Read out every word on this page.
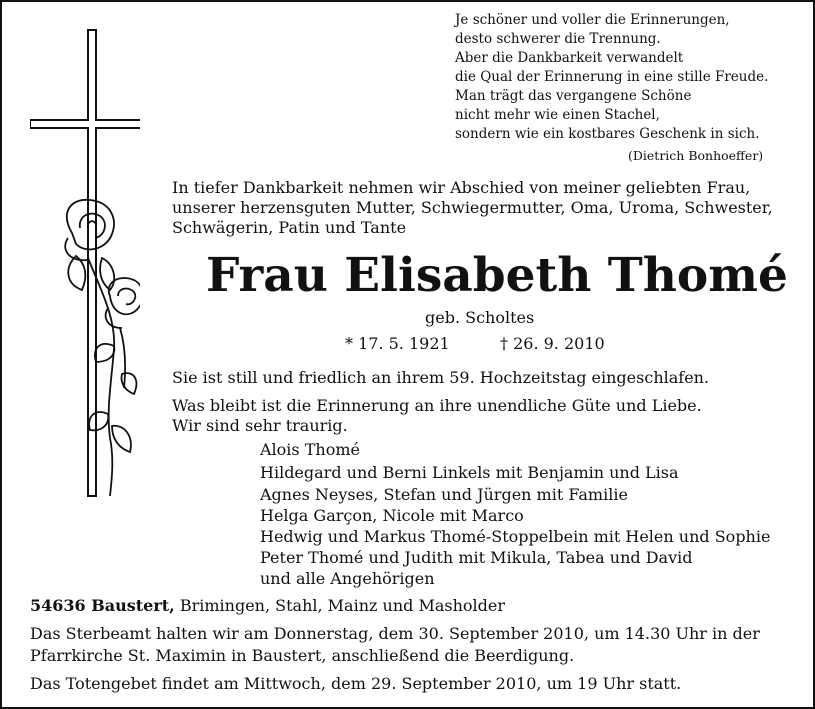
Je schöner und voller die Erinnerungen,
desto schwerer die Trennung.
Aber die Dankbarkeit verwandelt
die Qual der Erinnerung in eine stille Freude.
Man trägt das vergangene Schöne
nicht mehr wie einen Stachel,
sondern wie ein kostbares Geschenk in sich.
(Dietrich Bonhoeffer)
In tiefer Dankbarkeit nehmen wir Abschied von meiner geliebten Frau,
unserer herzensguten Mutter, Schwiegermutter, Oma, Uroma, Schwester,
Schwägerin, Patin und Tante
Frau Elisabeth Thomé
geb. Scholtes
* 17. 5. 1921	† 26. 9. 2010
Sie ist still und friedlich an ihrem 59. Hochzeitstag eingeschlafen.
Was bleibt ist die Erinnerung an ihre unendliche Güte und Liebe.
Wir sind sehr traurig.
Alois Thomé
Hildegard und Berni Linkels mit Benjamin und Lisa
Agnes Neyses, Stefan und Jürgen mit Familie
Helga Garçon, Nicole mit Marco
Hedwig und Markus Thomé-Stoppelbein mit Helen und Sophie
Peter Thomé und Judith mit Mikula, Tabea und David
und alle Angehörigen
54636 Baustert, Brimingen, Stahl, Mainz und Masholder
Das Sterbeamt halten wir am Donnerstag, dem 30. September 2010, um 14.30 Uhr in der
Pfarrkirche St. Maximin in Baustert, anschließend die Beerdigung.
Das Totengebet findet am Mittwoch, dem 29. September 2010, um 19 Uhr statt.
